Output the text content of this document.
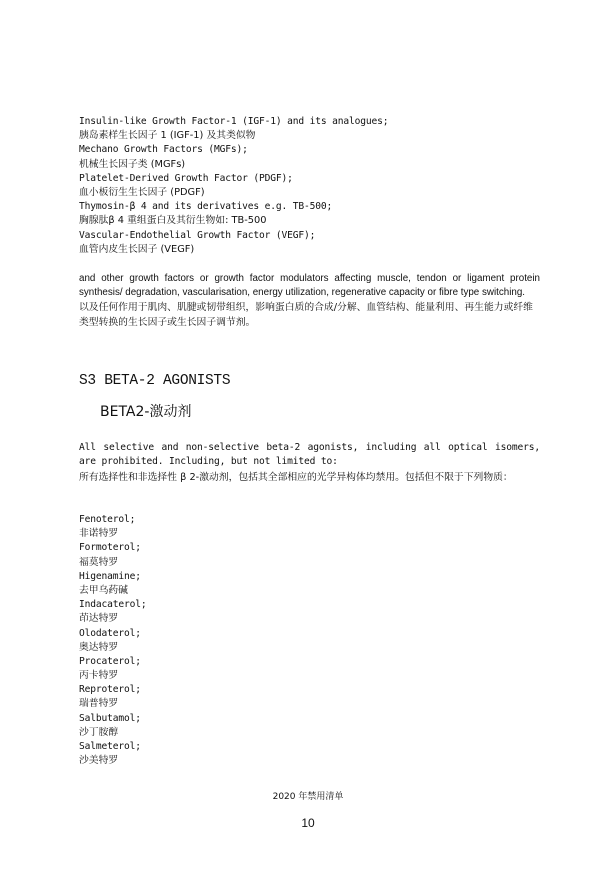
Insulin-like Growth Factor-1 (IGF-1) and its analogues;
胰岛素样生长因子 1 (IGF-1) 及其类似物
Mechano Growth Factors (MGFs);
机械生长因子类 (MGFs)
Platelet-Derived Growth Factor (PDGF);
血小板衍生生长因子 (PDGF)
Thymosin-β 4 and its derivatives e.g. TB-500;
胸腺肽β 4 重组蛋白及其衍生物如: TB-500
Vascular-Endothelial Growth Factor (VEGF);
血管内皮生长因子 (VEGF)
and other growth factors or growth factor modulators affecting muscle, tendon or ligament protein synthesis/ degradation, vascularisation, energy utilization, regenerative capacity or fibre type switching.
以及任何作用于肌肉、肌腱或韧带组织，影响蛋白质的合成/分解、血管结构、能量利用、再生能力或纤维类型转换的生长因子或生长因子调节剂。
S3 BETA-2 AGONISTS
BETA2-激动剂
All selective and non-selective beta-2 agonists, including all optical isomers, are prohibited. Including, but not limited to:
所有选择性和非选择性 β 2-激动剂，包括其全部相应的光学异构体均禁用。包括但不限于下列物质：
Fenoterol;
非诺特罗
Formoterol;
福莫特罗
Higenamine;
去甲乌药碱
Indacaterol;
茚达特罗
Olodaterol;
奥达特罗
Procaterol;
丙卡特罗
Reproterol;
瑞普特罗
Salbutamol;
沙丁胺醇
Salmeterol;
沙美特罗
2020 年禁用清单
10
